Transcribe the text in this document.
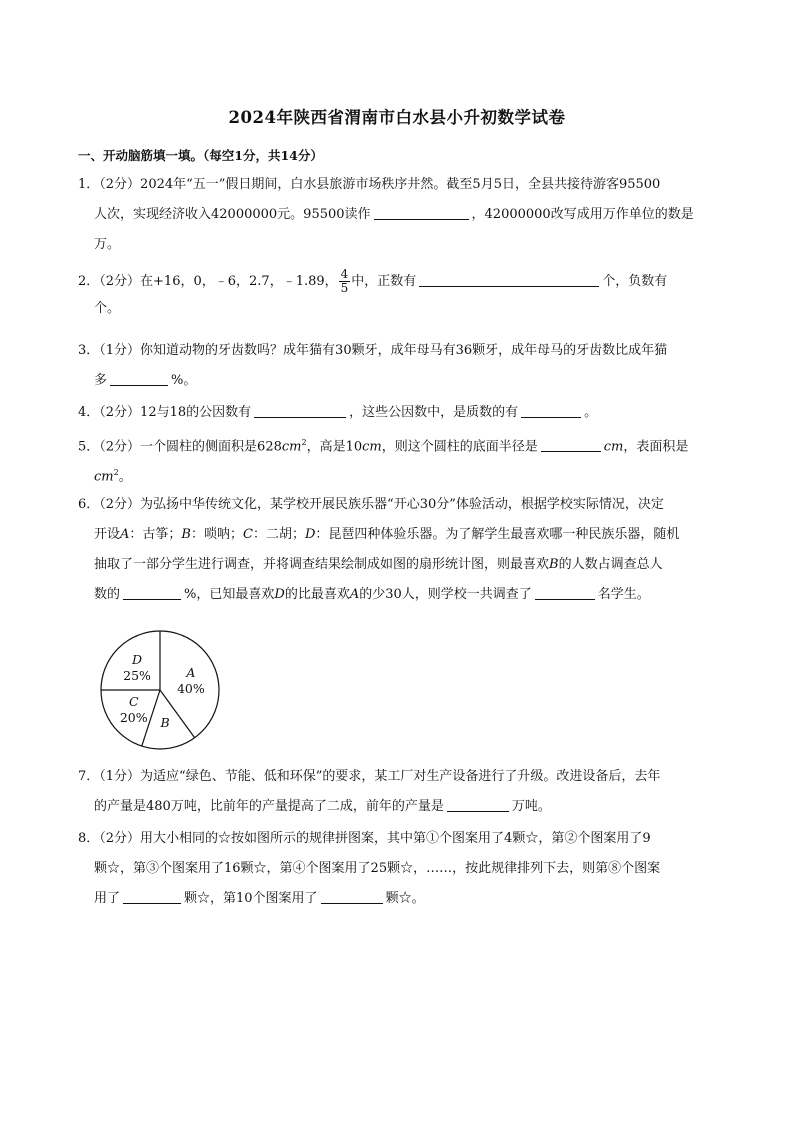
2024年陕西省渭南市白水县小升初数学试卷
一、开动脑筋填一填。（每空1分，共14分）
1．（2分）2024年“五一”假日期间，白水县旅游市场秩序井然。截至5月5日，全县共接待游客95500
人次，实现经济收入42000000元。95500读作	，42000000改写成用万作单位的数是
万。
2．（2分）在+16，0，﹣6，2.7，﹣1.89， $\frac{4}{5}$ 中，正数有	个，负数有
个。
3．（1分）你知道动物的牙齿数吗？成年猫有30颗牙，成年母马有36颗牙，成年母马的牙齿数比成年猫
多	%。
4．（2分）12与18的公因数有	，这些公因数中，是质数的有	。
5．（2分）一个圆柱的侧面积是$628cm^2$，高是10cm，则这个圆柱的底面半径是	cm，表面积是
$cm^2$。
6．（2分）为弘扬中华传统文化，某学校开展民族乐器“开心30分”体验活动，根据学校实际情况，决定
开设A：古筝；B：唢呐；C：二胡；D：昆琶四种体验乐器。为了解学生最喜欢哪一种民族乐器，随机
抽取了一部分学生进行调查，并将调查结果绘制成如图的扇形统计图，则最喜欢B的人数占调查总人
数的	%，已知最喜欢D的比最喜欢A的少30人，则学校一共调查了	名学生。
A
40%
B
C
20%
D
25%
7．（1分）为适应“绿色、节能、低和环保”的要求，某工厂对生产设备进行了升级。改进设备后，去年
的产量是480万吨，比前年的产量提高了二成，前年的产量是	万吨。
8．（2分）用大小相同的☆按如图所示的规律拼图案，其中第①个图案用了4颗☆，第②个图案用了9
颗☆，第③个图案用了16颗☆，第④个图案用了25颗☆，……，按此规律排列下去，则第⑧个图案
用了	颗☆，第10个图案用了	颗☆。
